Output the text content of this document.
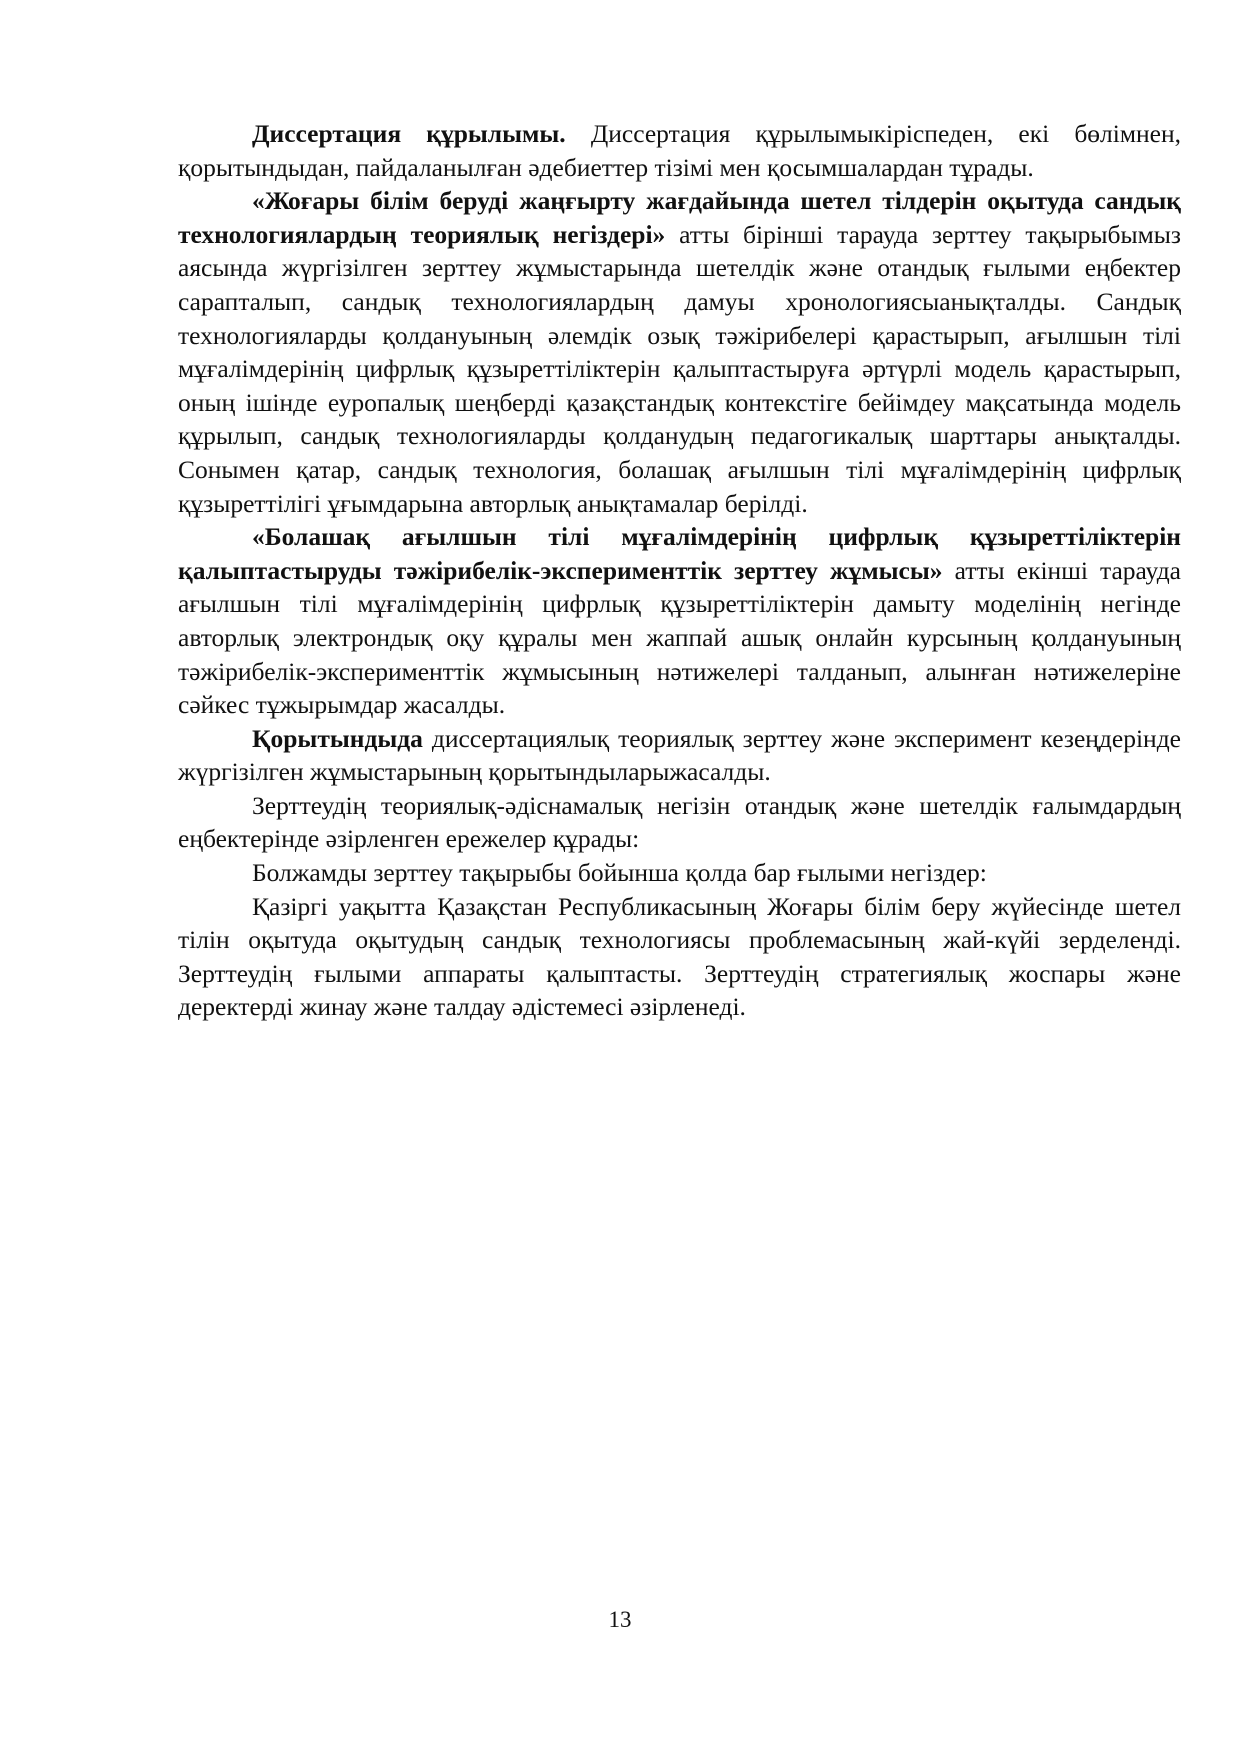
Диссертация құрылымы. Диссертация құрылымыкіріспеден, екі бөлімнен, қорытындыдан, пайдаланылған әдебиеттер тізімі мен қосымшалардан тұрады.

«Жоғары білім беруді жаңғырту жағдайында шетел тілдерін оқытуда сандық технологиялардың теориялық негіздері» атты бірінші тарауда зерттеу тақырыбымыз аясында жүргізілген зерттеу жұмыстарында шетелдік және отандық ғылыми еңбектер сарапталып, сандық технологиялардың дамуы хронологиясыанықталды. Сандық технологияларды қолдануының әлемдік озық тәжірибелері қарастырып, ағылшын тілі мұғалімдерінің цифрлық құзыреттіліктерін қалыптастыруға әртүрлі модель қарастырып, оның ішінде еуропалық шеңберді қазақстандық контекстіге бейімдеу мақсатында модель құрылып, сандық технологияларды қолданудың педагогикалық шарттары анықталды. Сонымен қатар, сандық технология, болашақ ағылшын тілі мұғалімдерінің цифрлық құзыреттілігі ұғымдарына авторлық анықтамалар берілді.

«Болашақ ағылшын тілі мұғалімдерінің цифрлық құзыреттіліктерін қалыптастыруды тәжірибелік-эксперименттік зерттеу жұмысы» атты екінші тарауда ағылшын тілі мұғалімдерінің цифрлық құзыреттіліктерін дамыту моделінің негінде авторлық электрондық оқу құралы мен жаппай ашық онлайн курсының қолдануының тәжірибелік-эксперименттік жұмысының нәтижелері талданып, алынған нәтижелеріне сәйкес тұжырымдар жасалды.

Қорытындыда диссертациялық теориялық зерттеу және эксперимент кезеңдерінде жүргізілген жұмыстарының қорытындыларыжасалды.

Зерттеудің теориялық-әдіснамалық негізін отандық және шетелдік ғалымдардың еңбектерінде әзірленген ережелер құрады:

Болжамды зерттеу тақырыбы бойынша қолда бар ғылыми негіздер:

Қазіргі уақытта Қазақстан Республикасының Жоғары білім беру жүйесінде шетел тілін оқытуда оқытудың сандық технологиясы проблемасының жай-күйі зерделенді. Зерттеудің ғылыми аппараты қалыптасты. Зерттеудің стратегиялық жоспары және деректерді жинау және талдау әдістемесі әзірленеді.

13
